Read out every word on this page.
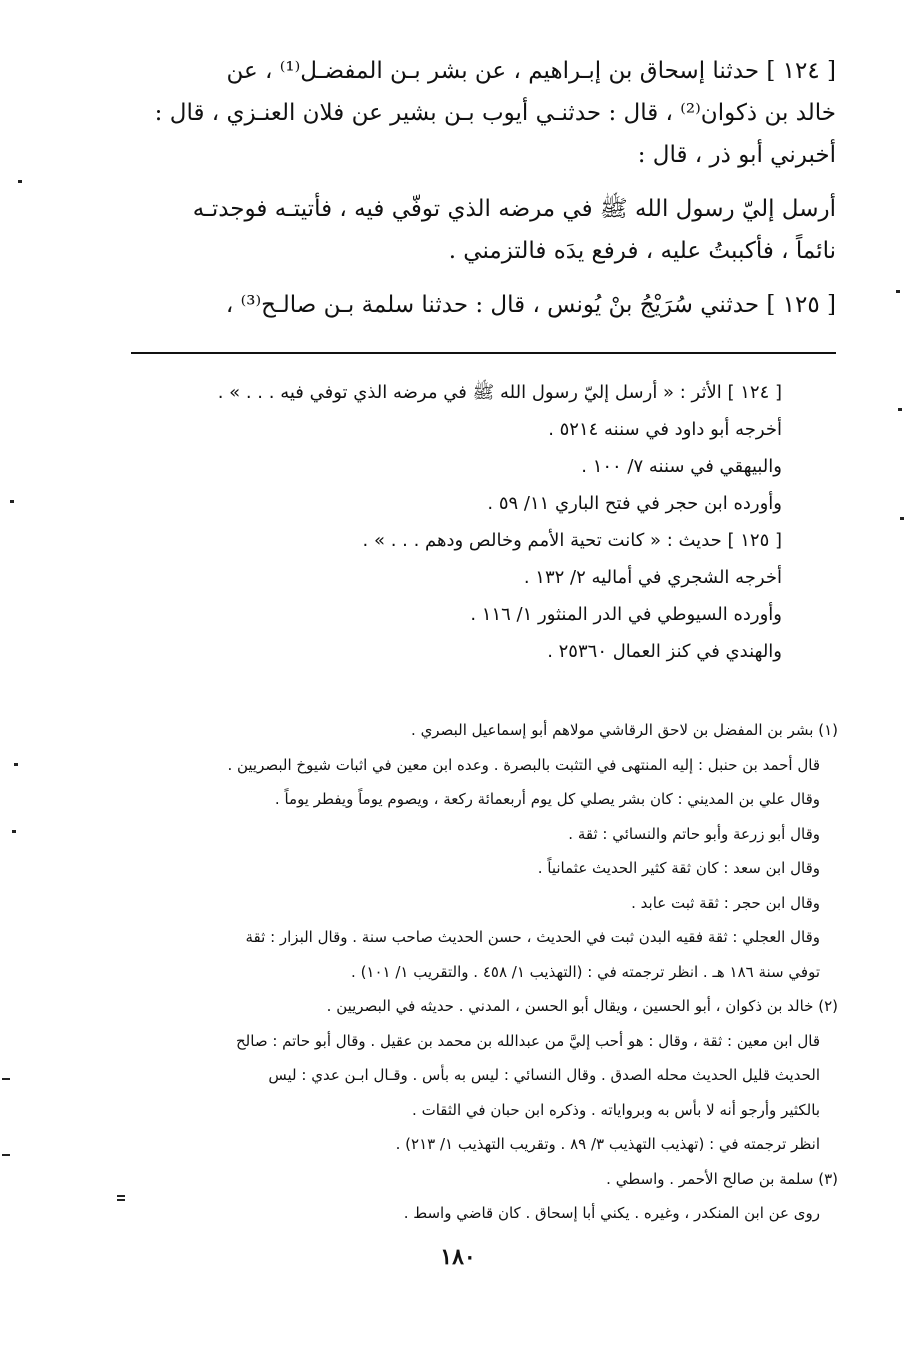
[ ١٢٤ ] حدثنا إسحاق بن إبـراهيم ، عن بشر بـن المفضـل⁽¹⁾ ، عن

خالد بن ذكوان⁽²⁾ ، قال : حدثنـي أيوب بـن بشير عن فلان العنـزي ، قال :

أخبرني أبو ذر ، قال :

أرسل إليّ رسول الله ﷺ في مرضه الذي توفّي فيه ، فأتيتـه فوجدتـه

نائماً ، فأكببتُ عليه ، فرفع يدَه فالتزمني .

[ ١٢٥ ] حدثني سُرَيْجُ بنْ يُونس ، قال : حدثنا سلمة بـن صالـح⁽³⁾ ،

[ ١٢٤ ] الأثر : « أرسل إليّ رسول الله ﷺ في مرضه الذي توفي فيه . . . » .

أخرجه أبو داود في سننه ٥٢١٤ .

والبيهقي في سننه ٧/ ١٠٠ .

وأورده ابن حجر في فتح الباري ١١/ ٥٩ .

[ ١٢٥ ] حديث : « كانت تحية الأمم وخالص ودهم . . . » .

أخرجه الشجري في أماليه ٢/ ١٣٢ .

وأورده السيوطي في الدر المنثور ١/ ١١٦ .

والهندي في كنز العمال ٢٥٣٦٠ .

(١) بشر بن المفضل بن لاحق الرقاشي مولاهم أبو إسماعيل البصري .

قال أحمد بن حنبل : إليه المنتهى في التثبت بالبصرة . وعده ابن معين في اثبات شيوخ البصريين .

وقال علي بن المديني : كان بشر يصلي كل يوم أربعمائة ركعة ، ويصوم يوماً ويفطر يوماً .

وقال أبو زرعة وأبو حاتم والنسائي : ثقة .

وقال ابن سعد : كان ثقة كثير الحديث عثمانياً .

وقال ابن حجر : ثقة ثبت عابد .

وقال العجلي : ثقة فقيه البدن ثبت في الحديث ، حسن الحديث صاحب سنة . وقال البزار : ثقة

توفي سنة ١٨٦ هـ . انظر ترجمته في : (التهذيب ١/ ٤٥٨ . والتقريب ١/ ١٠١) .

(٢) خالد بن ذكوان ، أبو الحسين ، ويقال أبو الحسن ، المدني . حديثه في البصريين .

قال ابن معين : ثقة ، وقال : هو أحب إليَّ من عبدالله بن محمد بن عقيل . وقال أبو حاتم : صالح

الحديث قليل الحديث محله الصدق . وقال النسائي : ليس به بأس . وقـال ابـن عدي : ليس

بالكثير وأرجو أنه لا بأس به وبرواياته . وذكره ابن حبان في الثقات .

انظر ترجمته في : (تهذيب التهذيب ٣/ ٨٩ . وتقريب التهذيب ١/ ٢١٣) .

(٣) سلمة بن صالح الأحمر . واسطي .

روى عن ابن المنكدر ، وغيره . يكني أبا إسحاق . كان قاضي واسط .

١٨٠
